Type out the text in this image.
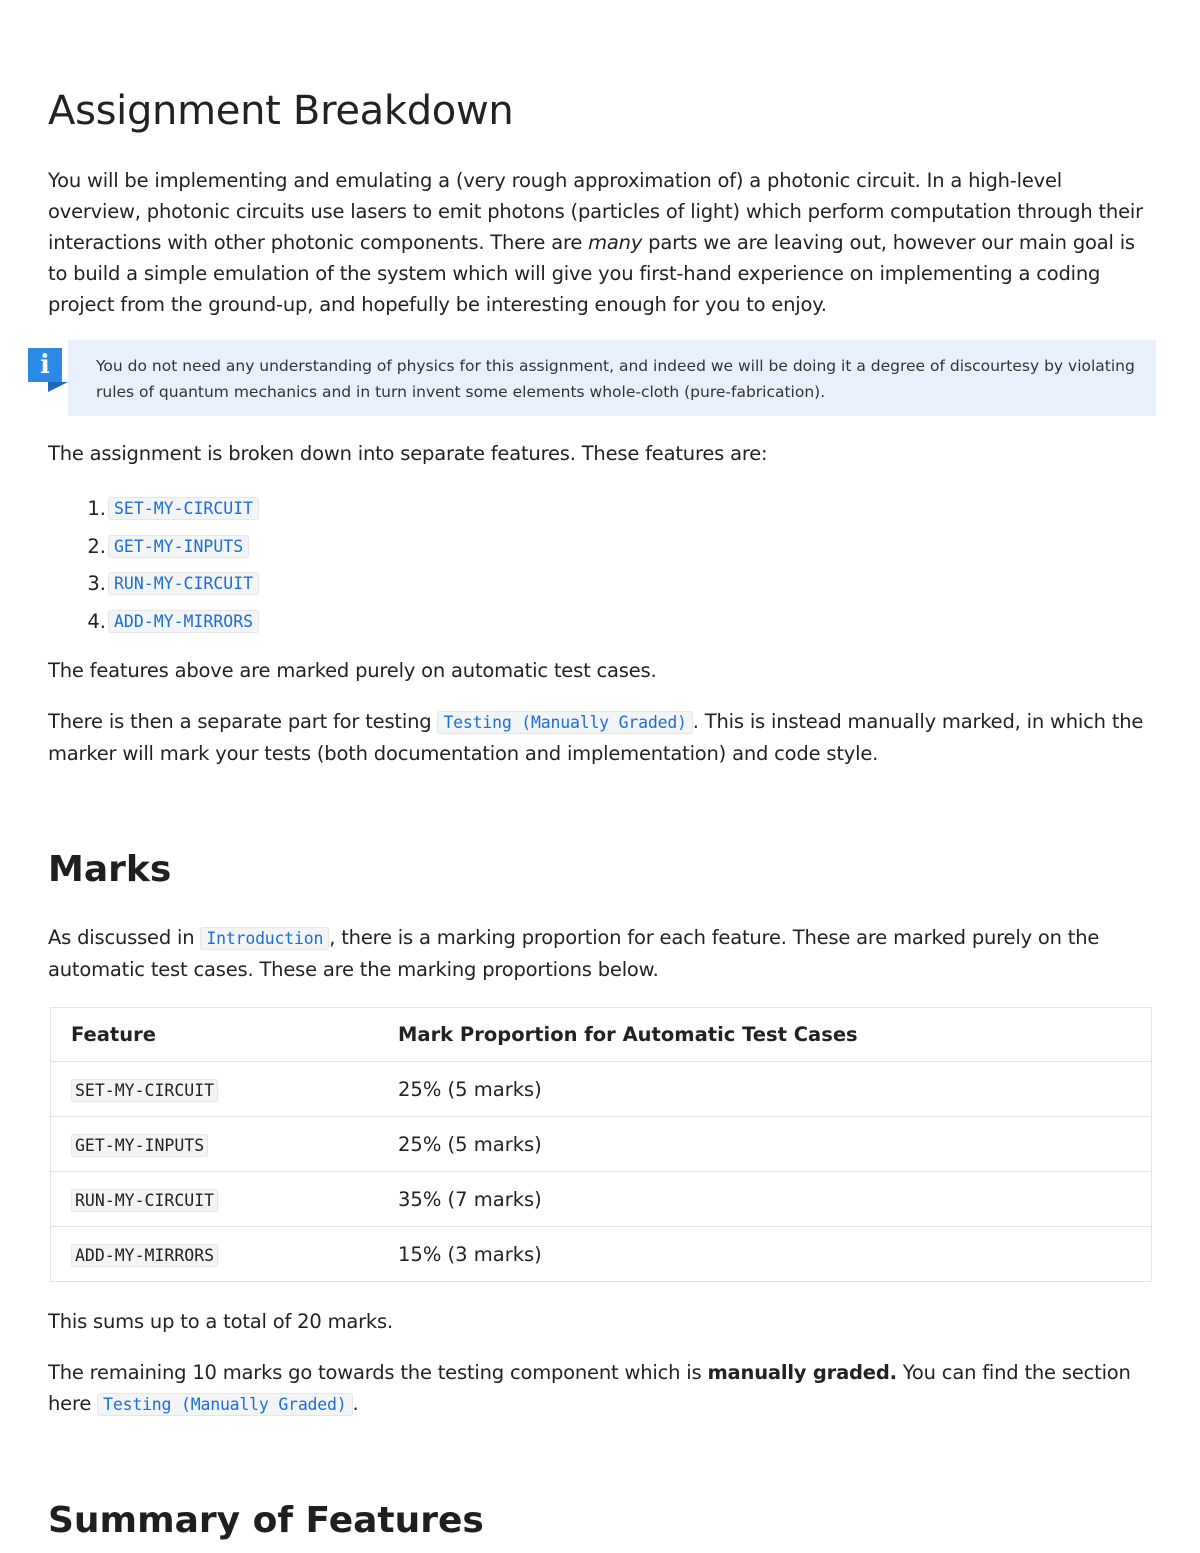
Assignment Breakdown

You will be implementing and emulating a (very rough approximation of) a photonic circuit. In a high-level overview, photonic circuits use lasers to emit photons (particles of light) which perform computation through their interactions with other photonic components. There are many parts we are leaving out, however our main goal is to build a simple emulation of the system which will give you first-hand experience on implementing a coding project from the ground-up, and hopefully be interesting enough for you to enjoy.

i	You do not need any understanding of physics for this assignment, and indeed we will be doing it a degree of discourtesy by violating rules of quantum mechanics and in turn invent some elements whole-cloth (pure-fabrication).

The assignment is broken down into separate features. These features are:

1. SET-MY-CIRCUIT
2. GET-MY-INPUTS
3. RUN-MY-CIRCUIT
4. ADD-MY-MIRRORS

The features above are marked purely on automatic test cases.

There is then a separate part for testing Testing (Manually Graded) . This is instead manually marked, in which the marker will mark your tests (both documentation and implementation) and code style.

Marks

As discussed in Introduction , there is a marking proportion for each feature. These are marked purely on the automatic test cases. These are the marking proportions below.

Feature	Mark Proportion for Automatic Test Cases
SET-MY-CIRCUIT	25% (5 marks)
GET-MY-INPUTS	25% (5 marks)
RUN-MY-CIRCUIT	35% (7 marks)
ADD-MY-MIRRORS	15% (3 marks)

This sums up to a total of 20 marks.

The remaining 10 marks go towards the testing component which is manually graded. You can find the section here Testing (Manually Graded) .

Summary of Features
